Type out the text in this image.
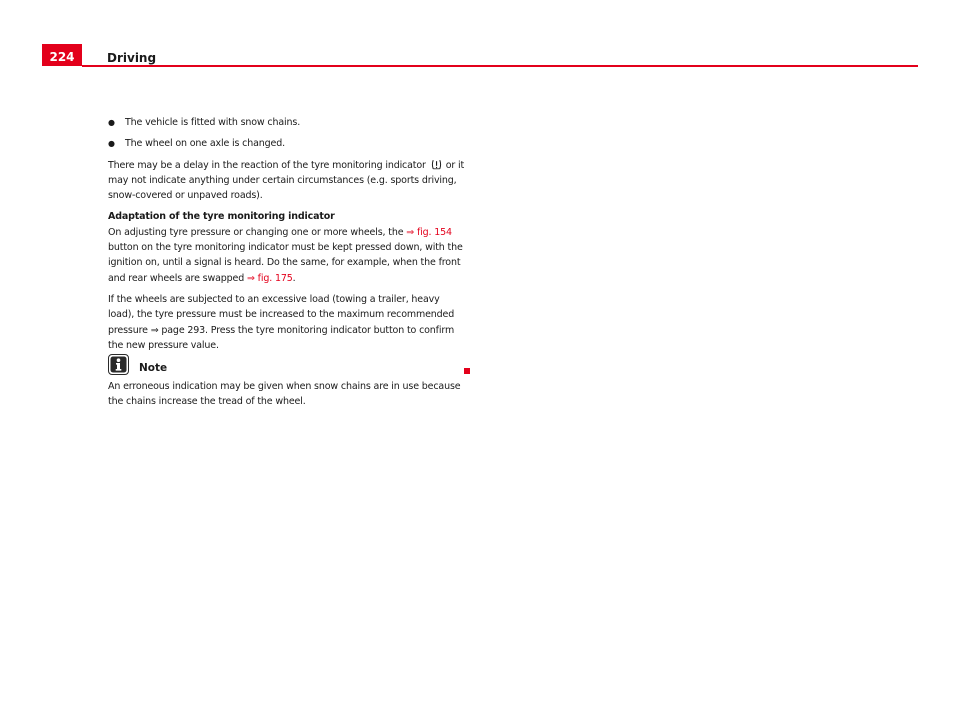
224	Driving
●	The vehicle is fitted with snow chains.
●	The wheel on one axle is changed.

There may be a delay in the reaction of the tyre monitoring indicator or it may not indicate anything under certain circumstances (e.g. sports driving, snow-covered or unpaved roads).

Adaptation of the tyre monitoring indicator

On adjusting tyre pressure or changing one or more wheels, the ⇒ fig. 154 button on the tyre monitoring indicator must be kept pressed down, with the ignition on, until a signal is heard. Do the same, for example, when the front and rear wheels are swapped ⇒ fig. 175.

If the wheels are subjected to an excessive load (towing a trailer, heavy load), the tyre pressure must be increased to the maximum recommended pressure ⇒ page 293. Press the tyre monitoring indicator button to confirm the new pressure value.

Note

An erroneous indication may be given when snow chains are in use because the chains increase the tread of the wheel.
